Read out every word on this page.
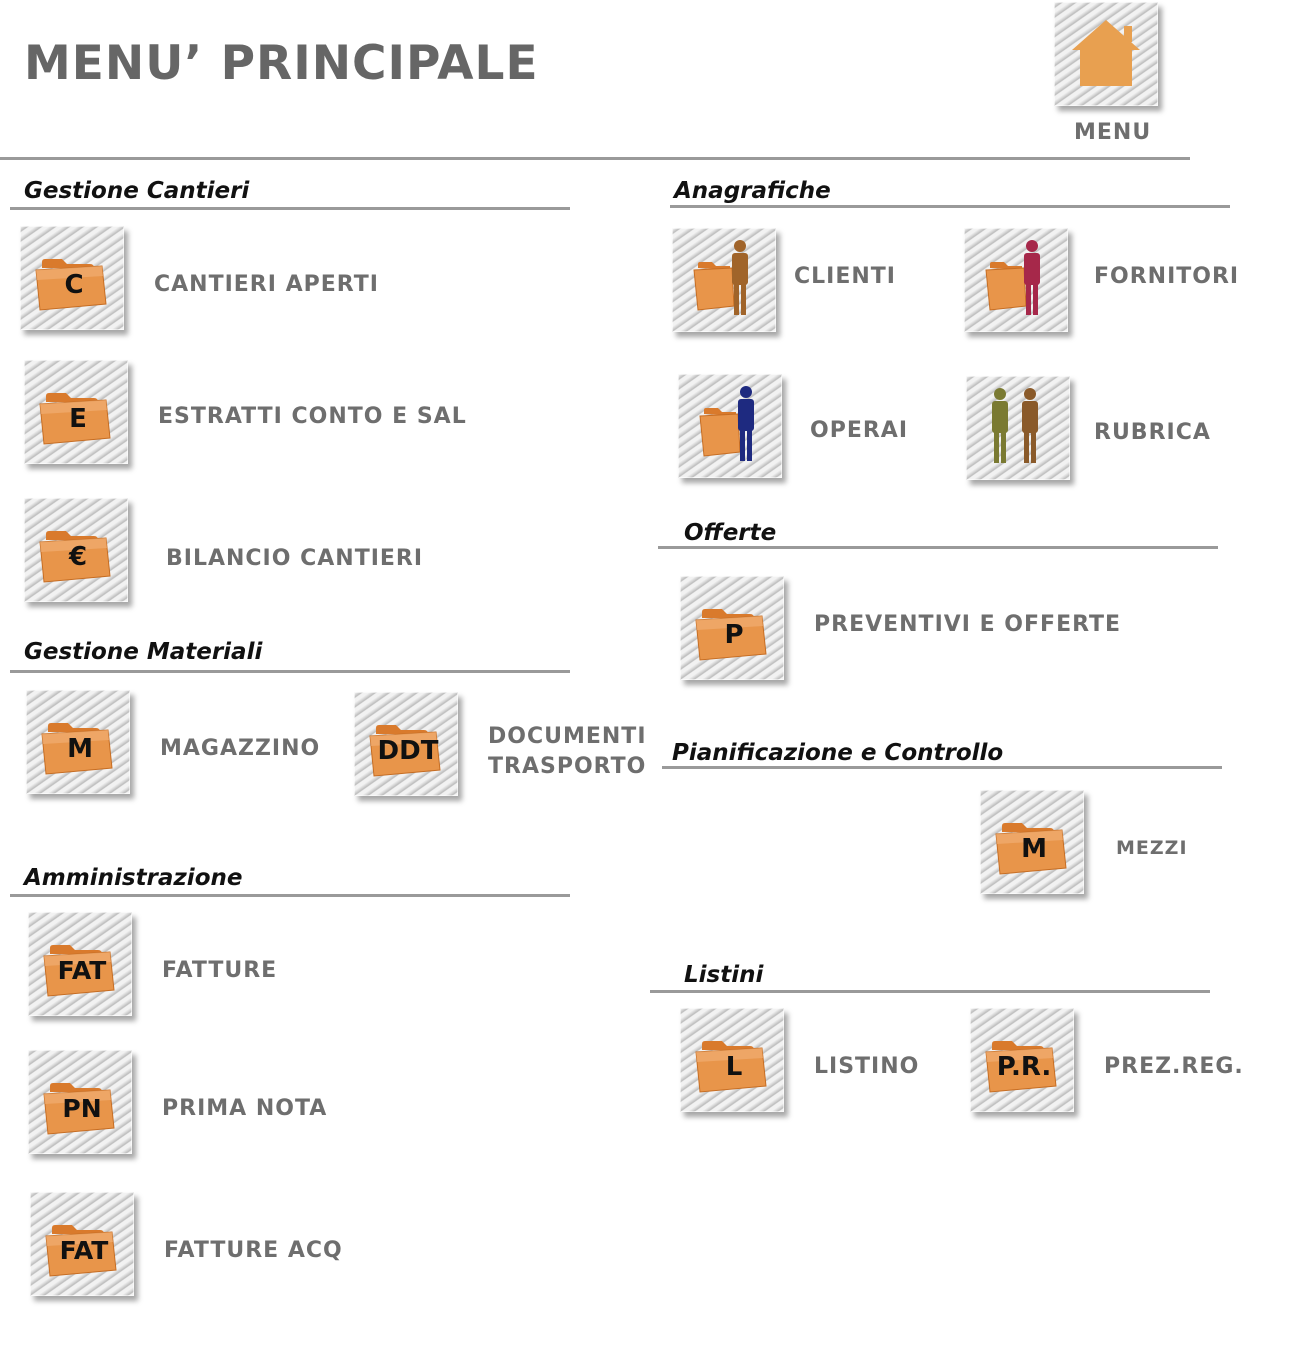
MENU’ PRINCIPALE
MENU
Gestione Cantieri
C	CANTIERI APERTI
E	ESTRATTI CONTO E SAL
€	BILANCIO CANTIERI
Gestione Materiali
M	MAGAZZINO	DDT	DOCUMENTI
TRASPORTO
Amministrazione
FAT	FATTURE
PN	PRIMA NOTA
FAT	FATTURE ACQ
Anagrafiche
CLIENTI	FORNITORI
OPERAI	RUBRICA
Offerte
P	PREVENTIVI E OFFERTE
Pianificazione e Controllo
M	MEZZI
Listini
L	LISTINO	P.R.	PREZ.REG.
